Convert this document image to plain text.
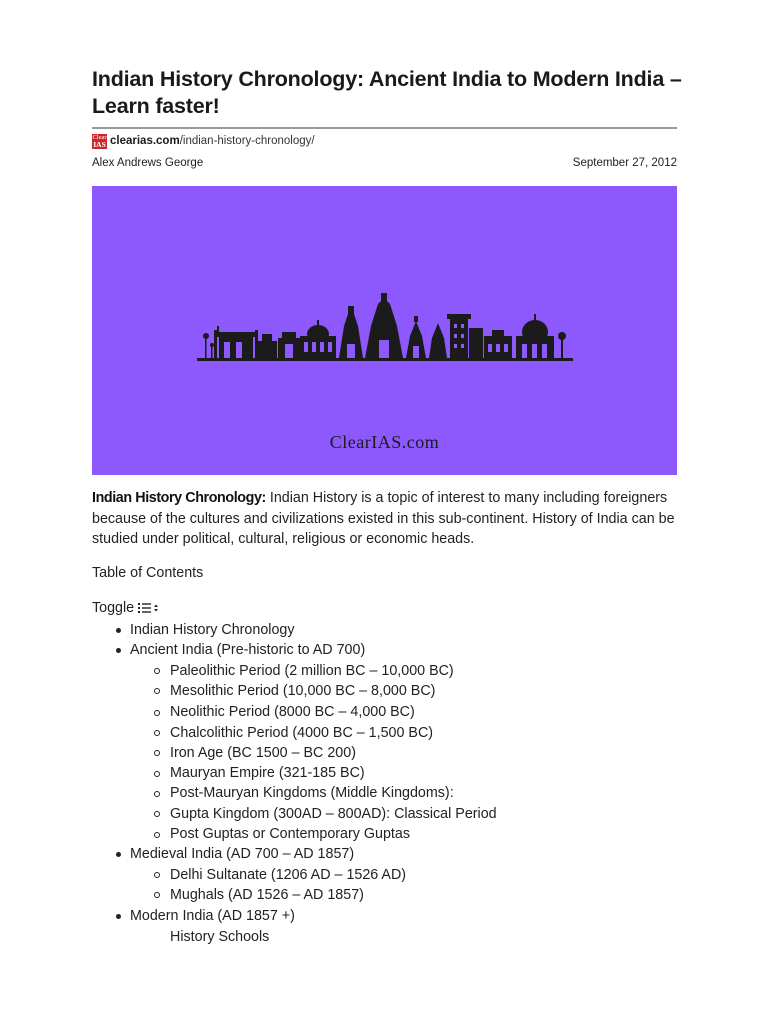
Indian History Chronology: Ancient India to Modern India – Learn faster!
Clear
IAS clearias.com /indian-history-chronology/
Alex Andrews George	September 27, 2012
ClearIAS.com
Indian History Chronology: Indian History is a topic of interest to many including foreigners because of the cultures and civilizations existed in this sub-continent. History of India can be studied under political, cultural, religious or economic heads.
Table of Contents
Toggle
Indian History Chronology
Ancient India (Pre-historic to AD 700)
Paleolithic Period (2 million BC – 10,000 BC)
Mesolithic Period (10,000 BC – 8,000 BC)
Neolithic Period (8000 BC – 4,000 BC)
Chalcolithic Period (4000 BC – 1,500 BC)
Iron Age (BC 1500 – BC 200)
Mauryan Empire (321-185 BC)
Post-Mauryan Kingdoms (Middle Kingdoms):
Gupta Kingdom (300AD – 800AD): Classical Period
Post Guptas or Contemporary Guptas
Medieval India (AD 700 – AD 1857)
Delhi Sultanate (1206 AD – 1526 AD)
Mughals (AD 1526 – AD 1857)
Modern India (AD 1857 +)
History Schools
